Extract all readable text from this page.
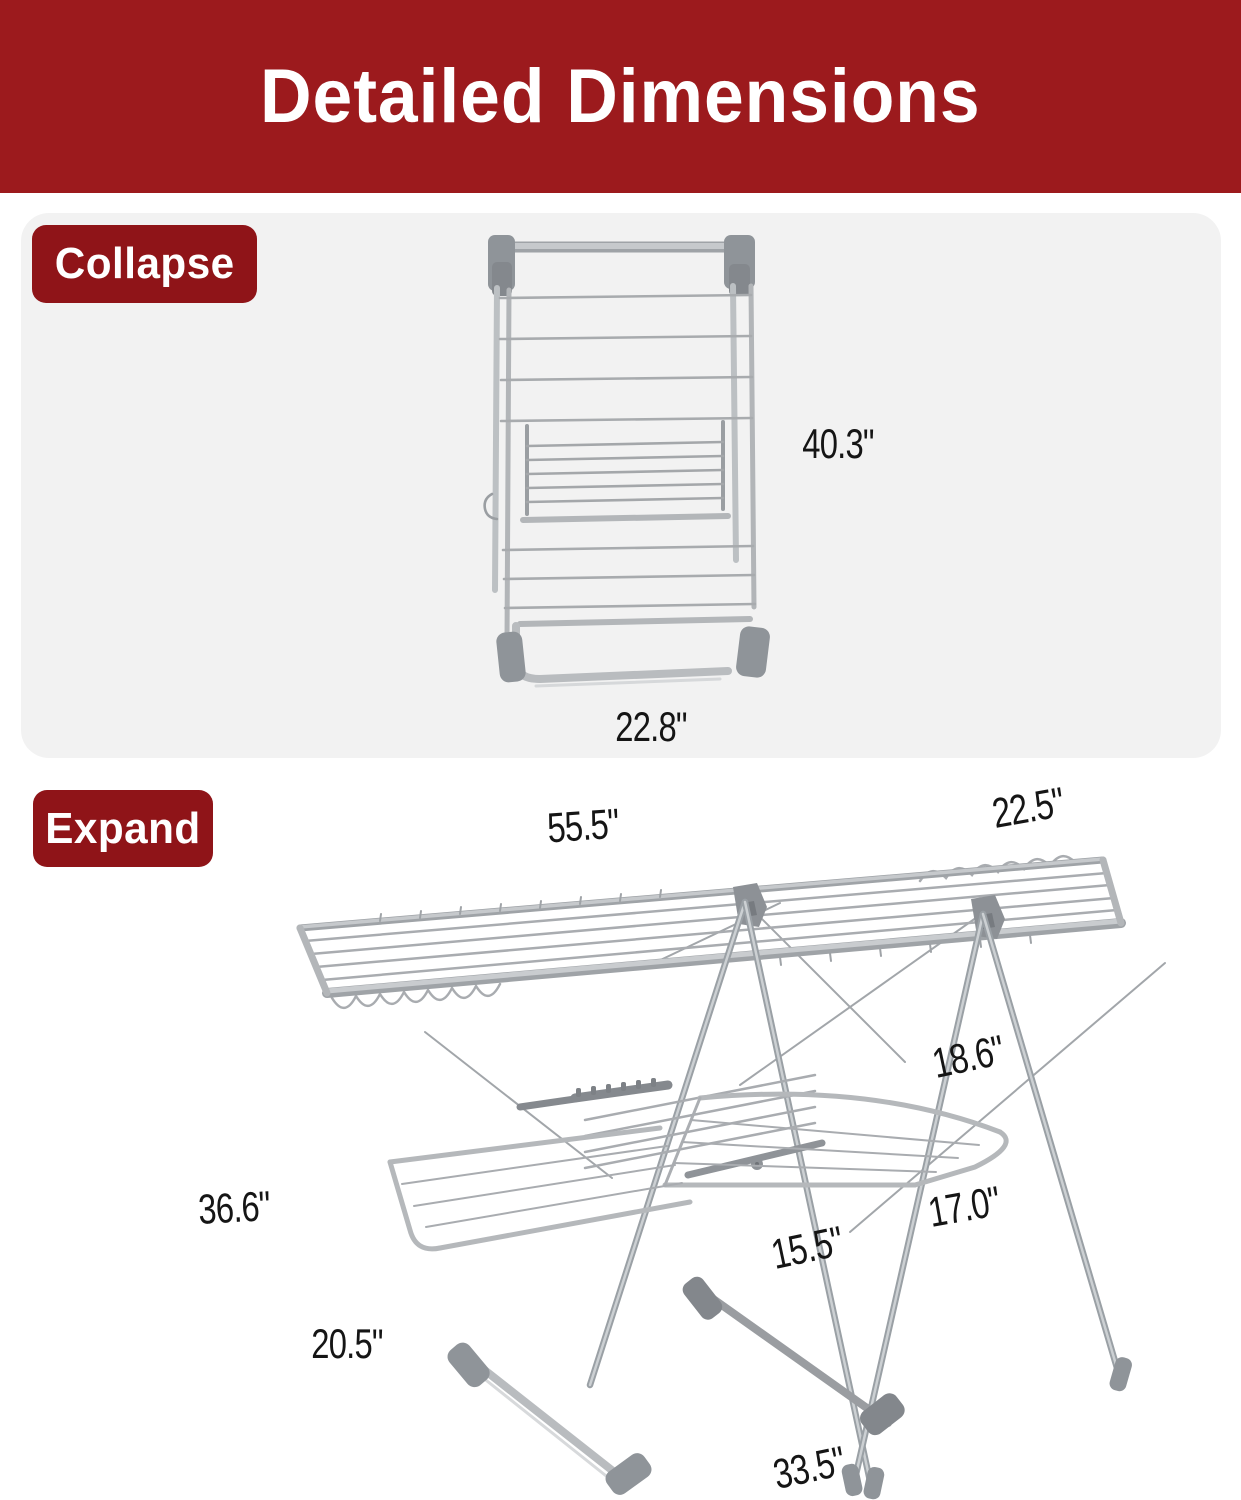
Detailed Dimensions
Collapse
40.3"
22.8"
Expand	55.5"	22.5"
18.6"
36.6"	17.0"
15.5"
20.5"
33.5"
